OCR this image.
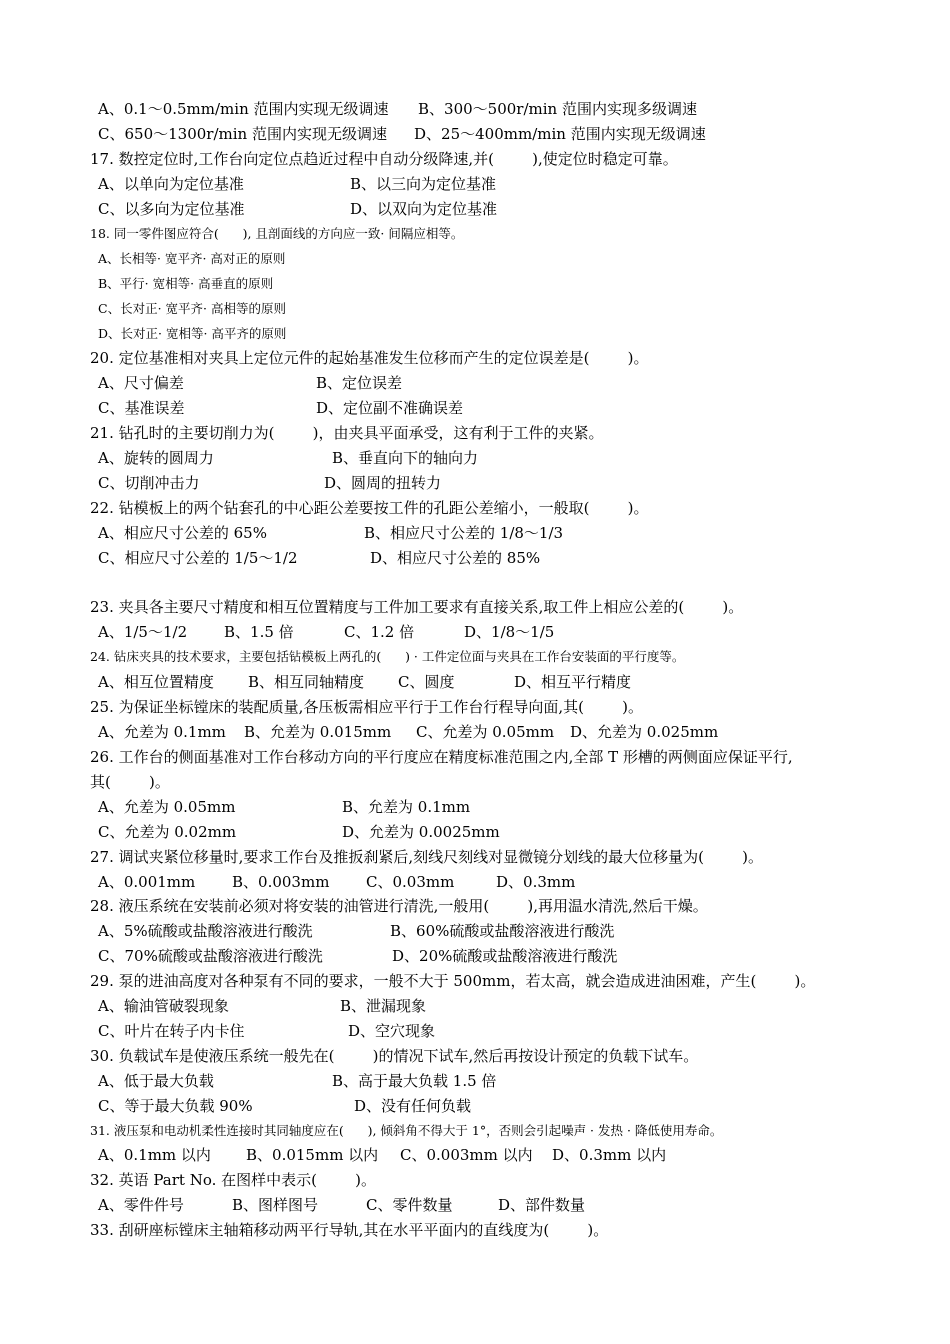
A、0.1～0.5mm/min 范围内实现无级调速

B、300～500r/min 范围内实现多级调速

C、650～1300r/min 范围内实现无级调速

D、25～400mm/min 范围内实现无级调速

17. 数控定位时,工作台向定位点趋近过程中自动分级降速,并(        ),使定位时稳定可靠。

A、以单向为定位基准

	B、以三向为定位基准

C、以多向为定位基准

	D、以双向为定位基准

18. 同一零件图应符合(      ), 且剖面线的方向应一致· 间隔应相等。

A、长相等· 宽平齐· 高对正的原则

B、平行· 宽相等· 高垂直的原则

C、长对正· 宽平齐· 高相等的原则

D、长对正· 宽相等· 高平齐的原则

20. 定位基准相对夹具上定位元件的起始基准发生位移而产生的定位误差是(        )。

A、尺寸偏差

	B、定位误差

C、基准误差

	D、定位副不准确误差

21. 钻孔时的主要切削力为(        )，由夹具平面承受，这有利于工件的夹紧。

A、旋转的圆周力

	B、垂直向下的轴向力

C、切削冲击力

	D、圆周的扭转力

22. 钻模板上的两个钻套孔的中心距公差要按工件的孔距公差缩小，一般取(        )。

A、相应尺寸公差的 65%

	B、相应尺寸公差的 1/8～1/3

C、相应尺寸公差的 1/5～1/2

	D、相应尺寸公差的 85%

23. 夹具各主要尺寸精度和相互位置精度与工件加工要求有直接关系,取工件上相应公差的(        )。

A、1/5～1/2

B、1.5 倍

	C、1.2 倍

	D、1/8～1/5

24. 钻床夹具的技术要求，主要包括钻模板上两孔的(      ) · 工件定位面与夹具在工作台安装面的平行度等。

A、相互位置精度

B、相互同轴精度

C、圆度

	D、相互平行精度

25. 为保证坐标镗床的装配质量,各压板需相应平行于工作台行程导向面,其(        )。

A、允差为 0.1mm

B、允差为 0.015mm

C、允差为 0.05mm

D、允差为 0.025mm

26. 工作台的侧面基准对工作台移动方向的平行度应在精度标准范围之内,全部 T 形槽的两侧面应保证平行,

其(        )。

A、允差为 0.05mm

	B、允差为 0.1mm

C、允差为 0.02mm

	D、允差为 0.0025mm

27. 调试夹紧位移量时,要求工作台及推扳刹紧后,刻线尺刻线对显微镜分划线的最大位移量为(        )。

A、0.001mm

B、0.003mm

C、0.03mm

	D、0.3mm

28. 液压系统在安装前必须对将安装的油管进行清洗,一般用(        ),再用温水清洗,然后干燥。

A、5%硫酸或盐酸溶液进行酸洗

	B、60%硫酸或盐酸溶液进行酸洗

C、70%硫酸或盐酸溶液进行酸洗

	D、20%硫酸或盐酸溶液进行酸洗

29. 泵的进油高度对各种泵有不同的要求，一般不大于 500mm，若太高，就会造成进油困难，产生(        )。

A、输油管破裂现象

	B、泄漏现象

C、叶片在转子内卡住

	D、空穴现象

30. 负载试车是使液压系统一般先在(        )的情况下试车,然后再按设计预定的负载下试车。

A、低于最大负载

	B、高于最大负载 1.5 倍

C、等于最大负载 90%

	D、没有任何负载

31. 液压泵和电动机柔性连接时其同轴度应在(      ), 倾斜角不得大于 1°，否则会引起噪声 · 发热 · 降低使用寿命。

A、0.1mm 以内

B、0.015mm 以内

C、0.003mm 以内

D、0.3mm 以内

32. 英语 Part No. 在图样中表示(        )。

A、零件件号

	B、图样图号

	C、零件数量

	D、部件数量

33. 刮研座标镗床主轴箱移动两平行导轨,其在水平平面内的直线度为(        )。
